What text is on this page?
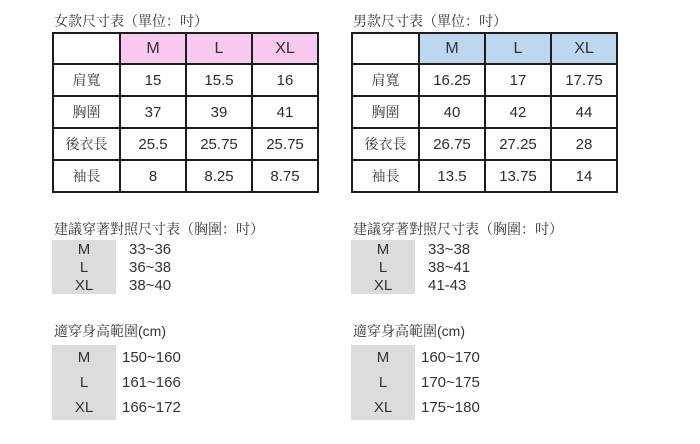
女款尺寸表（單位：吋）
	M	L	XL
肩寬	15	15.5	16
胸圍	37	39	41
後衣長	25.5	25.75	25.75
袖長	8	8.25	8.75
建議穿著對照尺寸表（胸圍：吋）
M	33~36
L	36~38
XL	38~40
適穿身高範圍(cm)
M	150~160
L	161~166
XL	166~172
男款尺寸表（單位：吋）
	M	L	XL
肩寬	16.25	17	17.75
胸圍	40	42	44
後衣長	26.75	27.25	28
袖長	13.5	13.75	14
建議穿著對照尺寸表（胸圍：吋）
M	33~38
L	38~41
XL	41-43
適穿身高範圍(cm)
M	160~170
L	170~175
XL	175~180
